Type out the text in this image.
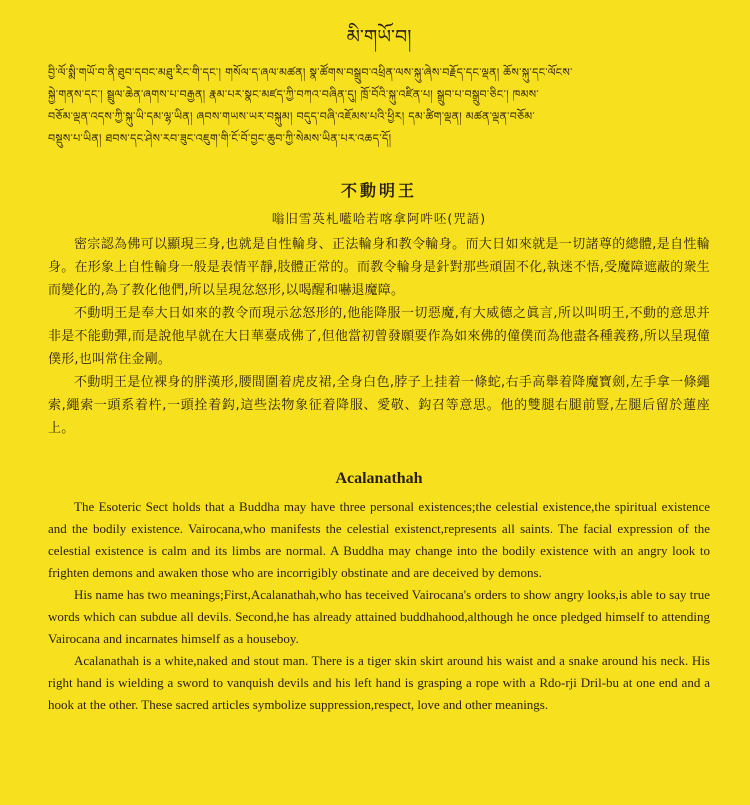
མི་གཡོ་བ།
བྱི་ལོ་སྨི་གཡོ་བ་ནི་ཐུབ་དབང་མཐུ་རིང་གི་དང་། གསོལ་ད་ཞལ་མཚན། སྣ་ཚོགས་བསྒྲུབ་འཕྲིན་ལས་སྐུ་ཞེས་བརྗོད་དང་ལྡན། ཆོས་སྐུ་དང་ལོངས་
སྐྱེ་གནས་དང་། སྦྲུལ་ཆེན་ཞགས་པ་བརྒྱན། རྣམ་པར་སྣང་མཛད་ཀྱི་བཀའ་བཞིན་དུ། ཁྲོ་བོའི་སྐུ་འཛིན་པ། སྒྲུབ་པ་བསྒྲུབ་ཅིང་། ཁམས་
བཅོམ་ལྡན་འདས་ཀྱི་སྐུ་ཡི་དམ་ལྷ་ཡིན། ཞབས་གཡས་ཡར་བསྐུམ། བདུད་བཞི་འཇོམས་པའི་ཕྱིར། དམ་ཚིག་ལྡན། མཚན་ལྡན་བཅོམ་
བསྡུས་པ་ཡིན། ཐབས་དང་ཤེས་རབ་ཟུང་འཇུག་གི་ངོ་བོ་བྱང་ཆུབ་ཀྱི་སེམས་ཡིན་པར་འཆད་དོ།
不動明王
嗡旧雪英札㘕哈若喀拿阿吽呸(咒語)

密宗認為佛可以顯現三身,也就是自性輪身、正法輪身和教令輪身。而大日如來就是一切諸尊的總體,是自性輪身。在形象上自性輪身一般是表情平靜,肢體正常的。而教令輪身是針對那些頑固不化,執迷不悟,受魔障遮蔽的衆生而變化的,為了教化他們,所以呈現忿怒形,以喝醒和嚇退魔障。

不動明王是奉大日如來的教令而現示忿怒形的,他能降服一切惡魔,有大威德之眞言,所以叫明王,不動的意思并非是不能動彈,而是說他早就在大日華臺成佛了,但他當初曾發願要作為如來佛的僮僕而為他盡各種義務,所以呈現僮僕形,也叫常住金剛。

不動明王是位裸身的胖漢形,腰間圍着虎皮裙,全身白色,脖子上挂着一條蛇,右手高舉着降魔寶劍,左手拿一條繩索,繩索一頭系着杵,一頭拴着鈎,這些法物象征着降服、愛敬、鈎召等意思。他的雙腿右腿前豎,左腿后留於蓮座上。

Acalanathah

The Esoteric Sect holds that a Buddha may have three personal existences;the celestial existence,the spiritual existence and the bodily existence. Vairocana,who manifests the celestial existenct,represents all saints. The facial expression of the celestial existence is calm and its limbs are normal. A Buddha may change into the bodily existence with an angry look to frighten demons and awaken those who are incorrigibly obstinate and are deceived by demons.

His name has two meanings;First,Acalanathah,who has teceived Vairocana's orders to show angry looks,is able to say true words which can subdue all devils. Second,he has already attained buddhahood,although he once pledged himself to attending Vairocana and incarnates himself as a houseboy.

Acalanathah is a white,naked and stout man. There is a tiger skin skirt around his waist and a snake around his neck. His right hand is wielding a sword to vanquish devils and his left hand is grasping a rope with a Rdo-rji Dril-bu at one end and a hook at the other. These sacred articles symbolize suppression,respect, love and other meanings.
